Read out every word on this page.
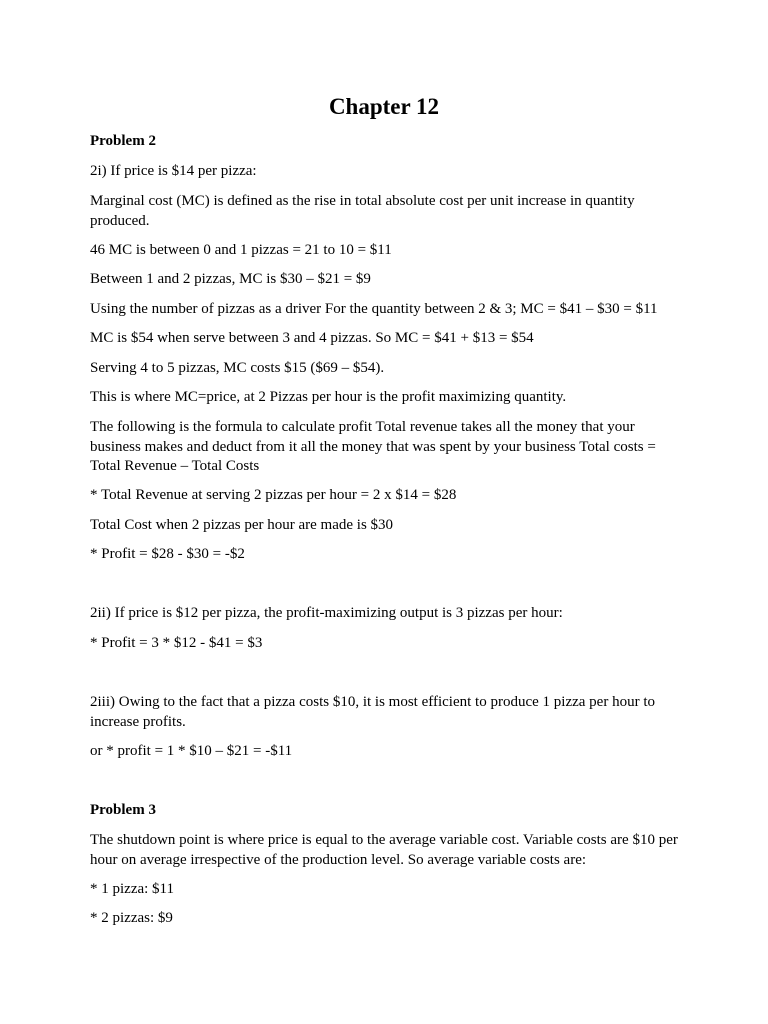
Chapter 12

Problem 2

2i) If price is $14 per pizza:

Marginal cost (MC) is defined as the rise in total absolute cost per unit increase in quantity produced.

46 MC is between 0 and 1 pizzas = 21 to 10 = $11

Between 1 and 2 pizzas, MC is $30 – $21 = $9

Using the number of pizzas as a driver For the quantity between 2 & 3; MC = $41 – $30 = $11

MC is $54 when serve between 3 and 4 pizzas. So MC = $41 + $13 = $54

Serving 4 to 5 pizzas, MC costs $15 ($69 – $54).

This is where MC=price, at 2 Pizzas per hour is the profit maximizing quantity.

The following is the formula to calculate profit Total revenue takes all the money that your business makes and deduct from it all the money that was spent by your business Total costs = Total Revenue – Total Costs

* Total Revenue at serving 2 pizzas per hour = 2 x $14 = $28

Total Cost when 2 pizzas per hour are made is $30

* Profit = $28 - $30 = -$2

2ii) If price is $12 per pizza, the profit-maximizing output is 3 pizzas per hour:

* Profit = 3 * $12 - $41 = $3

2iii) Owing to the fact that a pizza costs $10, it is most efficient to produce 1 pizza per hour to increase profits.

or * profit = 1 * $10 – $21 = -$11

Problem 3

The shutdown point is where price is equal to the average variable cost. Variable costs are $10 per hour on average irrespective of the production level. So average variable costs are:

* 1 pizza: $11

* 2 pizzas: $9
